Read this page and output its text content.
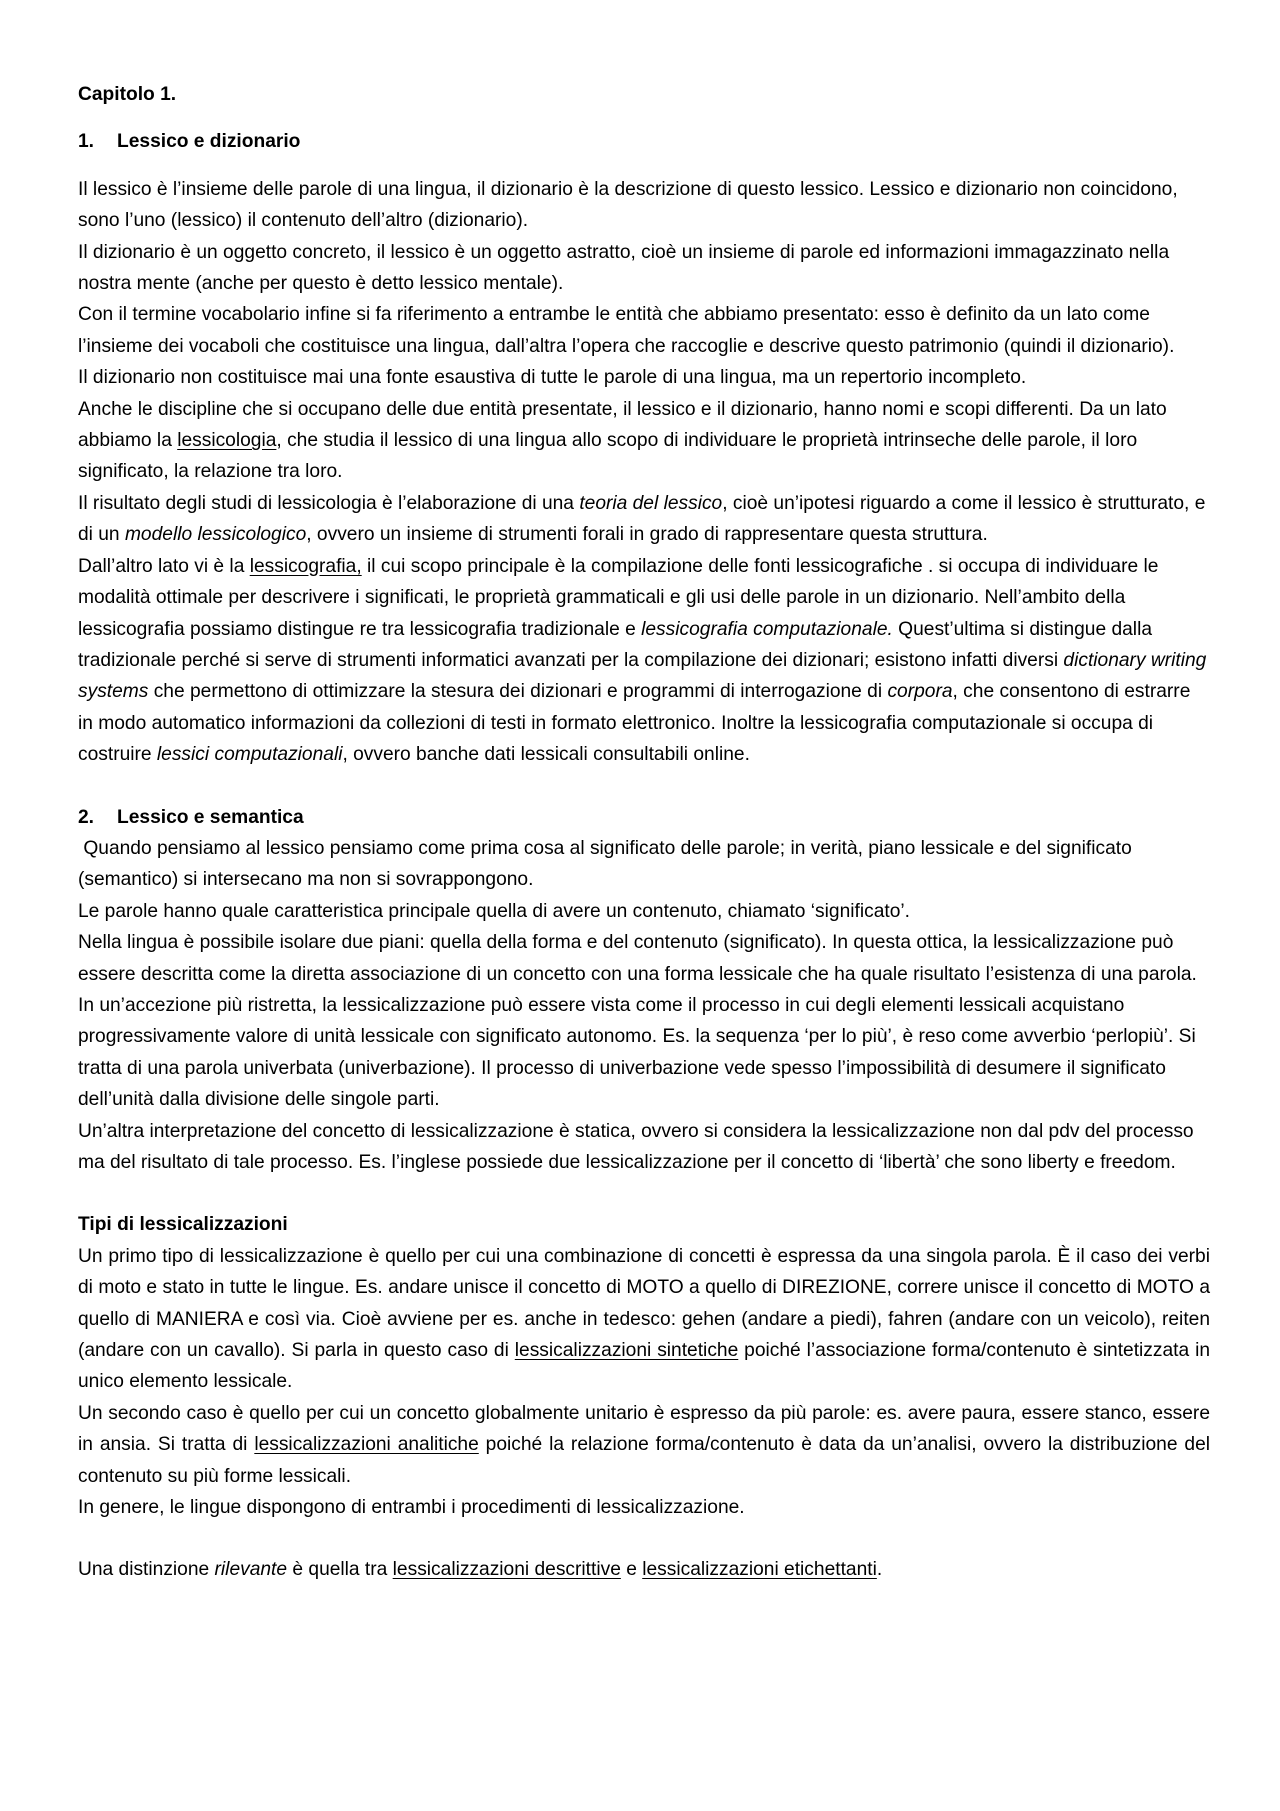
Capitolo 1.

1. Lessico e dizionario

Il lessico è l’insieme delle parole di una lingua, il dizionario è la descrizione di questo lessico. Lessico e dizionario non coincidono, sono l’uno (lessico) il contenuto dell’altro (dizionario).

Il dizionario è un oggetto concreto, il lessico è un oggetto astratto, cioè un insieme di parole ed informazioni immagazzinato nella nostra mente (anche per questo è detto lessico mentale).

Con il termine vocabolario infine si fa riferimento a entrambe le entità che abbiamo presentato: esso è definito da un lato come l’insieme dei vocaboli che costituisce una lingua, dall’altra l’opera che raccoglie e descrive questo patrimonio (quindi il dizionario).

Il dizionario non costituisce mai una fonte esaustiva di tutte le parole di una lingua, ma un repertorio incompleto.

Anche le discipline che si occupano delle due entità presentate, il lessico e il dizionario, hanno nomi e scopi differenti. Da un lato abbiamo la lessicologia, che studia il lessico di una lingua allo scopo di individuare le proprietà intrinseche delle parole, il loro significato, la relazione tra loro.

Il risultato degli studi di lessicologia è l’elaborazione di una teoria del lessico, cioè un’ipotesi riguardo a come il lessico è strutturato, e di un modello lessicologico, ovvero un insieme di strumenti forali in grado di rappresentare questa struttura.

Dall’altro lato vi è la lessicografia, il cui scopo principale è la compilazione delle fonti lessicografiche . si occupa di individuare le modalità ottimale per descrivere i significati, le proprietà grammaticali e gli usi delle parole in un dizionario. Nell’ambito della lessicografia possiamo distingue re tra lessicografia tradizionale e lessicografia computazionale. Quest’ultima si distingue dalla tradizionale perché si serve di strumenti informatici avanzati per la compilazione dei dizionari; esistono infatti diversi dictionary writing systems che permettono di ottimizzare la stesura dei dizionari e programmi di interrogazione di corpora, che consentono di estrarre in modo automatico informazioni da collezioni di testi in formato elettronico. Inoltre la lessicografia computazionale si occupa di costruire lessici computazionali, ovvero banche dati lessicali consultabili online.

2. Lessico e semantica

Quando pensiamo al lessico pensiamo come prima cosa al significato delle parole; in verità, piano lessicale e del significato (semantico) si intersecano ma non si sovrappongono.

Le parole hanno quale caratteristica principale quella di avere un contenuto, chiamato ‘significato’.

Nella lingua è possibile isolare due piani: quella della forma e del contenuto (significato). In questa ottica, la lessicalizzazione può essere descritta come la diretta associazione di un concetto con una forma lessicale che ha quale risultato l’esistenza di una parola.

In un’accezione più ristretta, la lessicalizzazione può essere vista come il processo in cui degli elementi lessicali acquistano progressivamente valore di unità lessicale con significato autonomo. Es. la sequenza ‘per lo più’, è reso come avverbio ‘perlopiù’. Si tratta di una parola univerbata (univerbazione). Il processo di univerbazione vede spesso l’impossibilità di desumere il significato dell’unità dalla divisione delle singole parti.

Un’altra interpretazione del concetto di lessicalizzazione è statica, ovvero si considera la lessicalizzazione non dal pdv del processo ma del risultato di tale processo. Es. l’inglese possiede due lessicalizzazione per il concetto di ‘libertà’ che sono liberty e freedom.

Tipi di lessicalizzazioni

Un primo tipo di lessicalizzazione è quello per cui una combinazione di concetti è espressa da una singola parola. È il caso dei verbi di moto e stato in tutte le lingue. Es. andare unisce il concetto di MOTO a quello di DIREZIONE, correre unisce il concetto di MOTO a quello di MANIERA e così via. Cioè avviene per es. anche in tedesco: gehen (andare a piedi), fahren (andare con un veicolo), reiten (andare con un cavallo). Si parla in questo caso di lessicalizzazioni sintetiche poiché l’associazione forma/contenuto è sintetizzata in unico elemento lessicale.

Un secondo caso è quello per cui un concetto globalmente unitario è espresso da più parole: es. avere paura, essere stanco, essere in ansia. Si tratta di lessicalizzazioni analitiche poiché la relazione forma/contenuto è data da un’analisi, ovvero la distribuzione del contenuto su più forme lessicali.

In genere, le lingue dispongono di entrambi i procedimenti di lessicalizzazione.

Una distinzione rilevante è quella tra lessicalizzazioni descrittive e lessicalizzazioni etichettanti.
